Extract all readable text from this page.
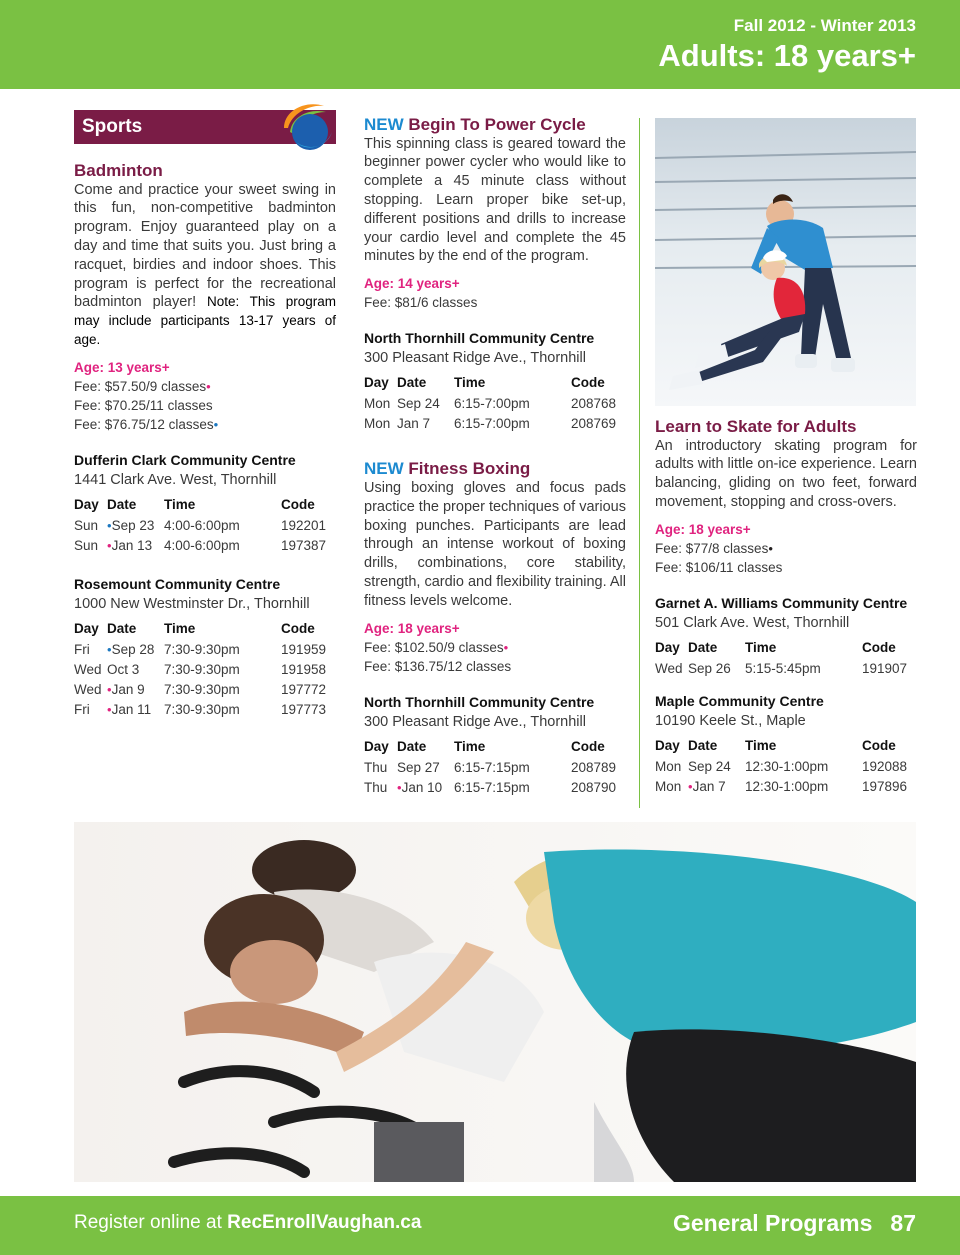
Fall 2012 - Winter 2013
Adults: 18 years+
Sports
Badminton

Come and practice your sweet swing in this fun, non-competitive badminton program. Enjoy guaranteed play on a day and time that suits you. Just bring a racquet, birdies and indoor shoes. This program is perfect for the recreational badminton player! Note: This program may include participants 13-17 years of age.

Age: 13 years+
Fee: $57.50/9 classes•
Fee: $70.25/11 classes
Fee: $76.75/12 classes•
Dufferin Clark Community Centre
1441 Clark Ave. West, Thornhill
Day	Date	Time	Code
Sun	•Sep 23	4:00-6:00pm	192201
Sun	•Jan 13	4:00-6:00pm	197387
Rosemount Community Centre
1000 New Westminster Dr., Thornhill
Day	Date	Time	Code
Fri	•Sep 28	7:30-9:30pm	191959
Wed	Oct 3	7:30-9:30pm	191958
Wed	•Jan 9	7:30-9:30pm	197772
Fri	•Jan 11	7:30-9:30pm	197773
NEW Begin To Power Cycle

This spinning class is geared toward the beginner power cycler who would like to complete a 45 minute class without stopping. Learn proper bike set-up, different positions and drills to increase your cardio level and complete the 45 minutes by the end of the program.

Age: 14 years+
Fee: $81/6 classes
North Thornhill Community Centre
300 Pleasant Ridge Ave., Thornhill
Day	Date	Time	Code
Mon	Sep 24	6:15-7:00pm	208768
Mon	Jan 7	6:15-7:00pm	208769
NEW Fitness Boxing

Using boxing gloves and focus pads practice the proper techniques of various boxing punches. Participants are lead through an intense workout of boxing drills, combinations, core stability, strength, cardio and flexibility training. All fitness levels welcome.

Age: 18 years+
Fee: $102.50/9 classes•
Fee: $136.75/12 classes
North Thornhill Community Centre
300 Pleasant Ridge Ave., Thornhill
Day	Date	Time	Code
Thu	Sep 27	6:15-7:15pm	208789
Thu	•Jan 10	6:15-7:15pm	208790
Learn to Skate for Adults

An introductory skating program for adults with little on-ice experience. Learn balancing, gliding on two feet, forward movement, stopping and cross-overs.

Age: 18 years+
Fee: $77/8 classes•
Fee: $106/11 classes
Garnet A. Williams Community Centre
501 Clark Ave. West, Thornhill
Day	Date	Time	Code
Wed	Sep 26	5:15-5:45pm	191907
Maple Community Centre
10190 Keele St., Maple
Day	Date	Time	Code
Mon	Sep 24	12:30-1:00pm	192088
Mon	•Jan 7	12:30-1:00pm	197896
Register online at RecEnrollVaughan.ca	General Programs 87
